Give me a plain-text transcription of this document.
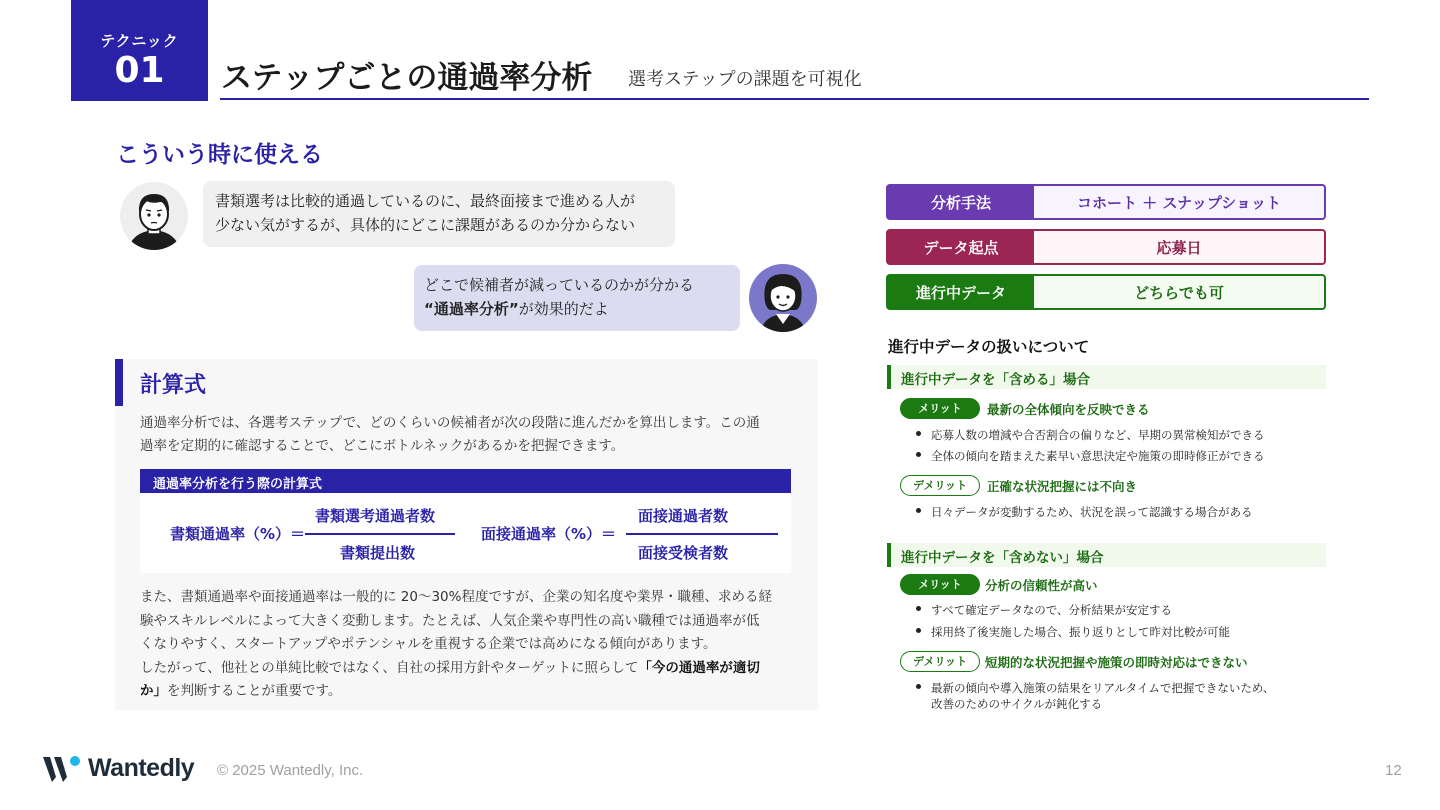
テクニック
01	ステップごとの通過率分析 選考ステップの課題を可視化
こういう時に使える
書類選考は比較的通過しているのに、最終面接まで進める人が
少ない気がするが、具体的にどこに課題があるのか分からない
どこで候補者が減っているのかが分かる
“通過率分析”が効果的だよ
計算式
通過率分析では、各選考ステップで、どのくらいの候補者が次の段階に進んだかを算出します。この通
過率を定期的に確認することで、どこにボトルネックがあるかを把握できます。
通過率分析を行う際の計算式
書類通過率（%）＝
書類選考通過者数
書類提出数
面接通過率（%）＝
面接通過者数
面接受検者数
また、書類通過率や面接通過率は一般的に 20〜30%程度ですが、企業の知名度や業界・職種、求める経
験やスキルレベルによって大きく変動します。たとえば、人気企業や専門性の高い職種では通過率が低
くなりやすく、スタートアップやポテンシャルを重視する企業では高めになる傾向があります。
したがって、他社との単純比較ではなく、自社の採用方針やターゲットに照らして「今の通過率が適切
か」を判断することが重要です。
分析手法	コホート ＋ スナップショット
データ起点	応募日
進行中データ	どちらでも可
進行中データの扱いについて
進行中データを「含める」場合
メリット	最新の全体傾向を反映できる
応募人数の増減や合否割合の偏りなど、早期の異常検知ができる
全体の傾向を踏まえた素早い意思決定や施策の即時修正ができる
デメリット	正確な状況把握には不向き
日々データが変動するため、状況を誤って認識する場合がある
進行中データを「含めない」場合
メリット	分析の信頼性が高い
すべて確定データなので、分析結果が安定する
採用終了後実施した場合、振り返りとして昨対比較が可能
デメリット	短期的な状況把握や施策の即時対応はできない
最新の傾向や導入施策の結果をリアルタイムで把握できないため、
改善のためのサイクルが鈍化する
Wantedly © 2025 Wantedly, Inc.	12
